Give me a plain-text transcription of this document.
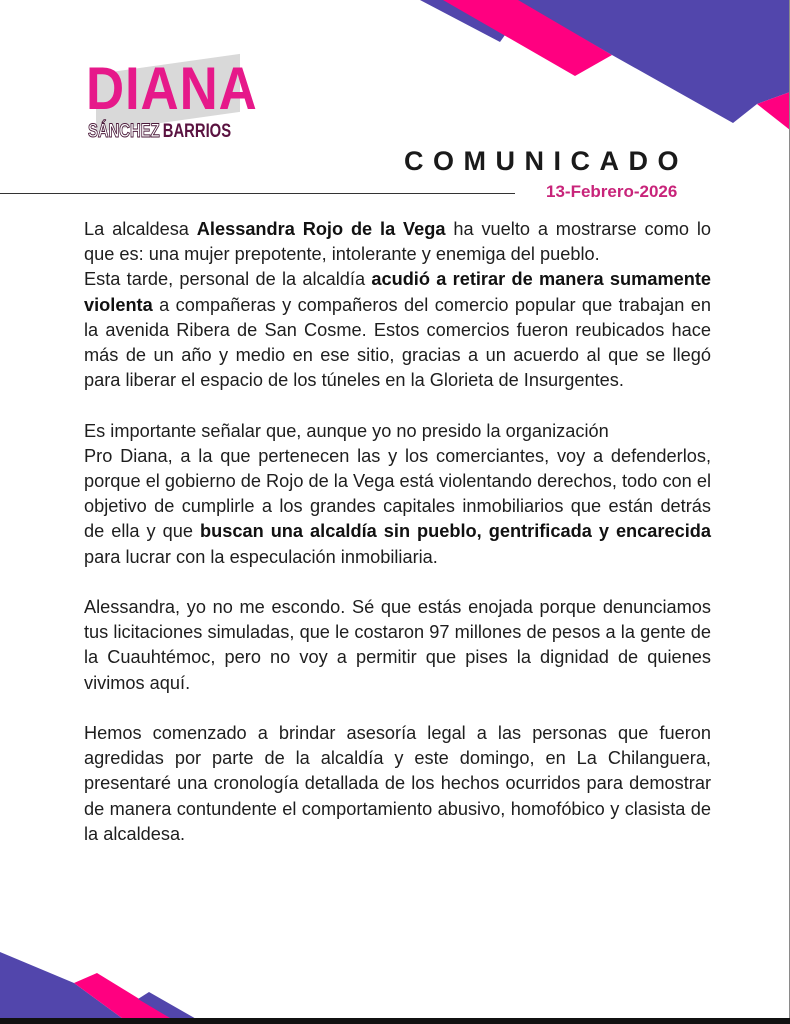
DIANA
SÁNCHEZ BARRIOS
COMUNICADO
13-Febrero-2026

La alcaldesa Alessandra Rojo de la Vega ha vuelto a mostrarse como lo que es: una mujer prepotente, intolerante y enemiga del pueblo.

Esta tarde, personal de la alcaldía acudió a retirar de manera sumamente violenta a compañeras y compañeros del comercio popular que trabajan en la avenida Ribera de San Cosme. Estos comercios fueron reubicados hace más de un año y medio en ese sitio, gracias a un acuerdo al que se llegó para liberar el espacio de los túneles en la Glorieta de Insurgentes.

Es importante señalar que, aunque yo no presido la organización

Pro Diana, a la que pertenecen las y los comerciantes, voy a defenderlos, porque el gobierno de Rojo de la Vega está violentando derechos, todo con el objetivo de cumplirle a los grandes capitales inmobiliarios que están detrás de ella y que buscan una alcaldía sin pueblo, gentrificada y encarecida para lucrar con la especulación inmobiliaria.

Alessandra, yo no me escondo. Sé que estás enojada porque denunciamos tus licitaciones simuladas, que le costaron 97 millones de pesos a la gente de la Cuauhtémoc, pero no voy a permitir que pises la dignidad de quienes vivimos aquí.

Hemos comenzado a brindar asesoría legal a las personas que fueron agredidas por parte de la alcaldía y este domingo, en La Chilanguera, presentaré una cronología detallada de los hechos ocurridos para demostrar de manera contundente el comportamiento abusivo, homofóbico y clasista de la alcaldesa.
